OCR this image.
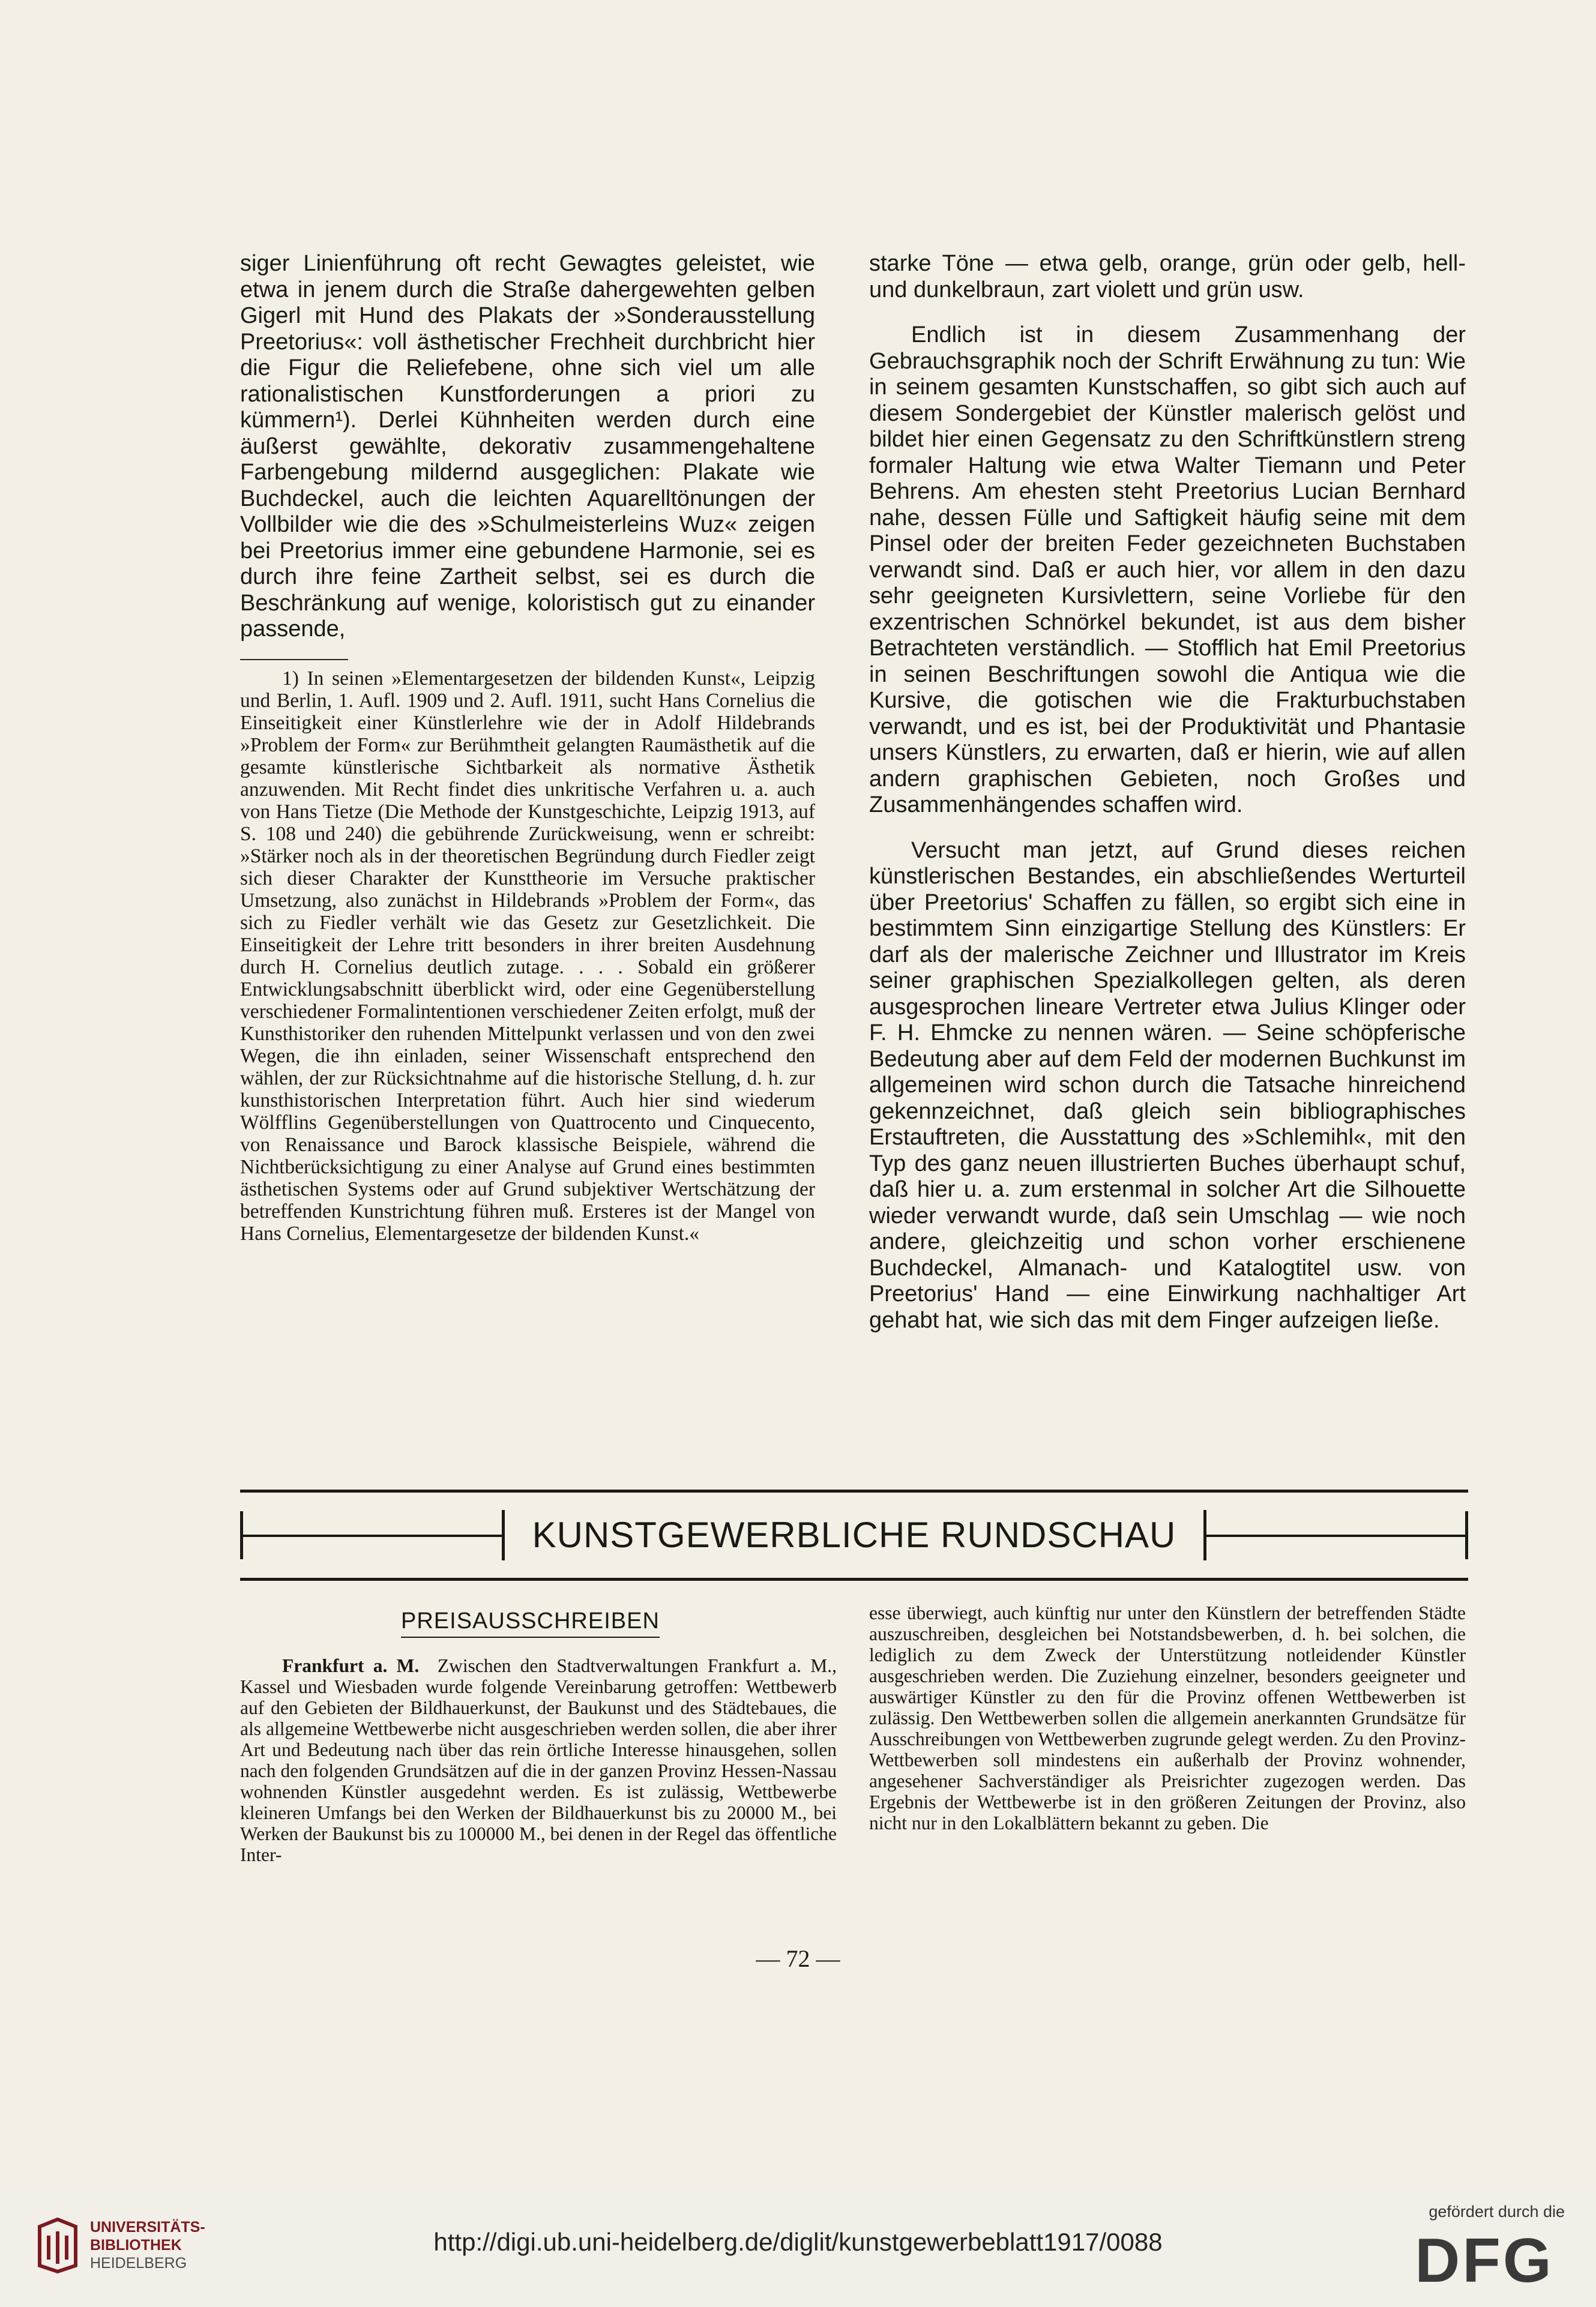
siger Linienführung oft recht Gewagtes geleistet, wie etwa in jenem durch die Straße dahergewehten gelben Gigerl mit Hund des Plakats der »Sonderausstellung Preetorius«: voll ästhetischer Frechheit durchbricht hier die Figur die Reliefebene, ohne sich viel um alle rationalistischen Kunstforderungen a priori zu kümmern¹). Derlei Kühnheiten werden durch eine äußerst gewählte, dekorativ zusammengehaltene Farbengebung mildernd ausgeglichen: Plakate wie Buchdeckel, auch die leichten Aquarelltönungen der Vollbilder wie die des »Schulmeisterleins Wuz« zeigen bei Preetorius immer eine gebundene Harmonie, sei es durch ihre feine Zartheit selbst, sei es durch die Beschränkung auf wenige, koloristisch gut zu einander passende,

1) In seinen »Elementargesetzen der bildenden Kunst«, Leipzig und Berlin, 1. Aufl. 1909 und 2. Aufl. 1911, sucht Hans Cornelius die Einseitigkeit einer Künstlerlehre wie der in Adolf Hildebrands »Problem der Form« zur Berühmtheit gelangten Raumästhetik auf die gesamte künstlerische Sichtbarkeit als normative Ästhetik anzuwenden. Mit Recht findet dies unkritische Verfahren u. a. auch von Hans Tietze (Die Methode der Kunstgeschichte, Leipzig 1913, auf S. 108 und 240) die gebührende Zurückweisung, wenn er schreibt: »Stärker noch als in der theoretischen Begründung durch Fiedler zeigt sich dieser Charakter der Kunsttheorie im Versuche praktischer Umsetzung, also zunächst in Hildebrands »Problem der Form«, das sich zu Fiedler verhält wie das Gesetz zur Gesetzlichkeit. Die Einseitigkeit der Lehre tritt besonders in ihrer breiten Ausdehnung durch H. Cornelius deutlich zutage. . . . Sobald ein größerer Entwicklungsabschnitt überblickt wird, oder eine Gegenüberstellung verschiedener Formalintentionen verschiedener Zeiten erfolgt, muß der Kunsthistoriker den ruhenden Mittelpunkt verlassen und von den zwei Wegen, die ihn einladen, seiner Wissenschaft entsprechend den wählen, der zur Rücksichtnahme auf die historische Stellung, d. h. zur kunsthistorischen Interpretation führt. Auch hier sind wiederum Wölfflins Gegenüberstellungen von Quattrocento und Cinquecento, von Renaissance und Barock klassische Beispiele, während die Nichtberücksichtigung zu einer Analyse auf Grund eines bestimmten ästhetischen Systems oder auf Grund subjektiver Wertschätzung der betreffenden Kunstrichtung führen muß. Ersteres ist der Mangel von Hans Cornelius, Elementargesetze der bildenden Kunst.«

starke Töne — etwa gelb, orange, grün oder gelb, hell- und dunkelbraun, zart violett und grün usw.

Endlich ist in diesem Zusammenhang der Gebrauchsgraphik noch der Schrift Erwähnung zu tun: Wie in seinem gesamten Kunstschaffen, so gibt sich auch auf diesem Sondergebiet der Künstler malerisch gelöst und bildet hier einen Gegensatz zu den Schriftkünstlern streng formaler Haltung wie etwa Walter Tiemann und Peter Behrens. Am ehesten steht Preetorius Lucian Bernhard nahe, dessen Fülle und Saftigkeit häufig seine mit dem Pinsel oder der breiten Feder gezeichneten Buchstaben verwandt sind. Daß er auch hier, vor allem in den dazu sehr geeigneten Kursivlettern, seine Vorliebe für den exzentrischen Schnörkel bekundet, ist aus dem bisher Betrachteten verständlich. — Stofflich hat Emil Preetorius in seinen Beschriftungen sowohl die Antiqua wie die Kursive, die gotischen wie die Frakturbuchstaben verwandt, und es ist, bei der Produktivität und Phantasie unsers Künstlers, zu erwarten, daß er hierin, wie auf allen andern graphischen Gebieten, noch Großes und Zusammenhängendes schaffen wird.

Versucht man jetzt, auf Grund dieses reichen künstlerischen Bestandes, ein abschließendes Werturteil über Preetorius' Schaffen zu fällen, so ergibt sich eine in bestimmtem Sinn einzigartige Stellung des Künstlers: Er darf als der malerische Zeichner und Illustrator im Kreis seiner graphischen Spezialkollegen gelten, als deren ausgesprochen lineare Vertreter etwa Julius Klinger oder F. H. Ehmcke zu nennen wären. — Seine schöpferische Bedeutung aber auf dem Feld der modernen Buchkunst im allgemeinen wird schon durch die Tatsache hinreichend gekennzeichnet, daß gleich sein bibliographisches Erstauftreten, die Ausstattung des »Schlemihl«, mit den Typ des ganz neuen illustrierten Buches überhaupt schuf, daß hier u. a. zum erstenmal in solcher Art die Silhouette wieder verwandt wurde, daß sein Umschlag — wie noch andere, gleichzeitig und schon vorher erschienene Buchdeckel, Almanach- und Katalogtitel usw. von Preetorius' Hand — eine Einwirkung nachhaltiger Art gehabt hat, wie sich das mit dem Finger aufzeigen ließe.

KUNSTGEWERBLICHE RUNDSCHAU
PREISAUSSCHREIBEN

Frankfurt a. M. Zwischen den Stadtverwaltungen Frankfurt a. M., Kassel und Wiesbaden wurde folgende Vereinbarung getroffen: Wettbewerb auf den Gebieten der Bildhauerkunst, der Baukunst und des Städtebaues, die als allgemeine Wettbewerbe nicht ausgeschrieben werden sollen, die aber ihrer Art und Bedeutung nach über das rein örtliche Interesse hinausgehen, sollen nach den folgenden Grundsätzen auf die in der ganzen Provinz Hessen-Nassau wohnenden Künstler ausgedehnt werden. Es ist zulässig, Wettbewerbe kleineren Umfangs bei den Werken der Bildhauerkunst bis zu 20000 M., bei Werken der Baukunst bis zu 100000 M., bei denen in der Regel das öffentliche Inter-

esse überwiegt, auch künftig nur unter den Künstlern der betreffenden Städte auszuschreiben, desgleichen bei Notstandsbewerben, d. h. bei solchen, die lediglich zu dem Zweck der Unterstützung notleidender Künstler ausgeschrieben werden. Die Zuziehung einzelner, besonders geeigneter und auswärtiger Künstler zu den für die Provinz offenen Wettbewerben ist zulässig. Den Wettbewerben sollen die allgemein anerkannten Grundsätze für Ausschreibungen von Wettbewerben zugrunde gelegt werden. Zu den Provinz-Wettbewerben soll mindestens ein außerhalb der Provinz wohnender, angesehener Sachverständiger als Preisrichter zugezogen werden. Das Ergebnis der Wettbewerbe ist in den größeren Zeitungen der Provinz, also nicht nur in den Lokalblättern bekannt zu geben. Die

— 72 —
UNIVERSITÄTS-
BIBLIOTHEK
HEIDELBERG
http://digi.ub.uni-heidelberg.de/diglit/kunstgewerbeblatt1917/0088
gefördert durch die
DFG
